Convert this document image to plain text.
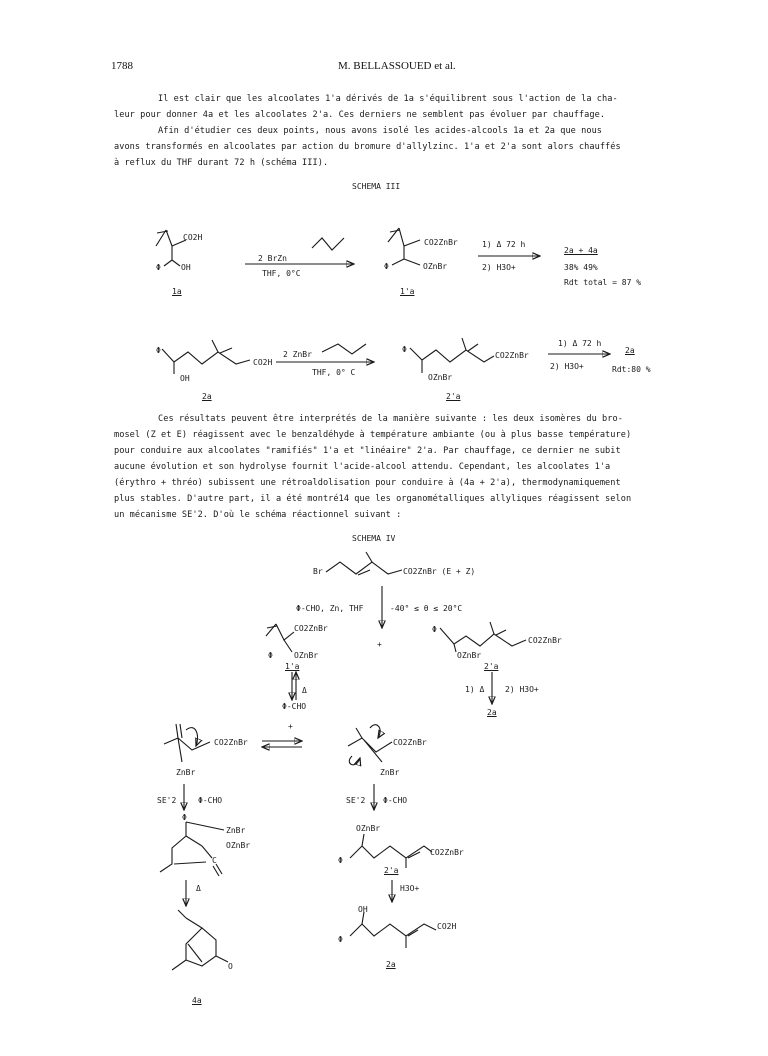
1788	M. BELLASSOUED et al.
Il est clair que les alcoolates 1'a dérivés de 1a s'équilibrent sous l'action de la cha-
leur pour donner 4a et les alcoolates 2'a. Ces derniers ne semblent pas évoluer par chauffage.
Afin d'étudier ces deux points, nous avons isolé les acides-alcools 1a et 2a que nous
avons transformés en alcoolates par action du bromure d'allylzinc. 1'a et 2'a sont alors chauffés
à reflux du THF durant 72 h (schéma III).
SCHEMA III
CO2H
Φ	OH
1a
2 BrZn
THF, 0°C
CO2ZnBr
Φ	OZnBr
1'a
1) Δ 72 h
2) H3O+
2a + 4a
38% 49%
Rdt total = 87 %
Φ
OH
CO2H
2a
2 ZnBr
THF, 0° C
Φ
OZnBr
CO2ZnBr
2'a
1) Δ 72 h
2) H3O+
2a
Rdt:80 %
Ces résultats peuvent être interprétés de la manière suivante : les deux isomères du bro-
mosel (Z et E) réagissent avec le benzaldéhyde à température ambiante (ou à plus basse température)
pour conduire aux alcoolates "ramifiés" 1'a et "linéaire" 2'a. Par chauffage, ce dernier ne subit
aucune évolution et son hydrolyse fournit l'acide-alcool attendu. Cependant, les alcoolates 1'a
(érythro + thréo) subissent une rétroaldolisation pour conduire à (4a + 2'a), thermodynamiquement
plus stables. D'autre part, il a été montré14 que les organométalliques allyliques réagissent selon
un mécanisme SE'2. D'où le schéma réactionnel suivant :
SCHEMA IV
Br	CO2ZnBr (E + Z)
Φ-CHO, Zn, THF	-40° ≤ θ ≤ 20°C
+
CO2ZnBr
Φ	OZnBr
1'a
Δ
Φ-CHO
Φ
OZnBr
CO2ZnBr
2'a
1) Δ	2) H3O+
2a
+
CO2ZnBr
ZnBr
CO2ZnBr
ZnBr
SE'2	Φ-CHO	SE'2 Φ-CHO
Φ
ZnBr
OZnBr
C
OZnBr
Φ
CO2ZnBr
2'a
H3O+
Δ
O
4a
OH
Φ
CO2H
2a
